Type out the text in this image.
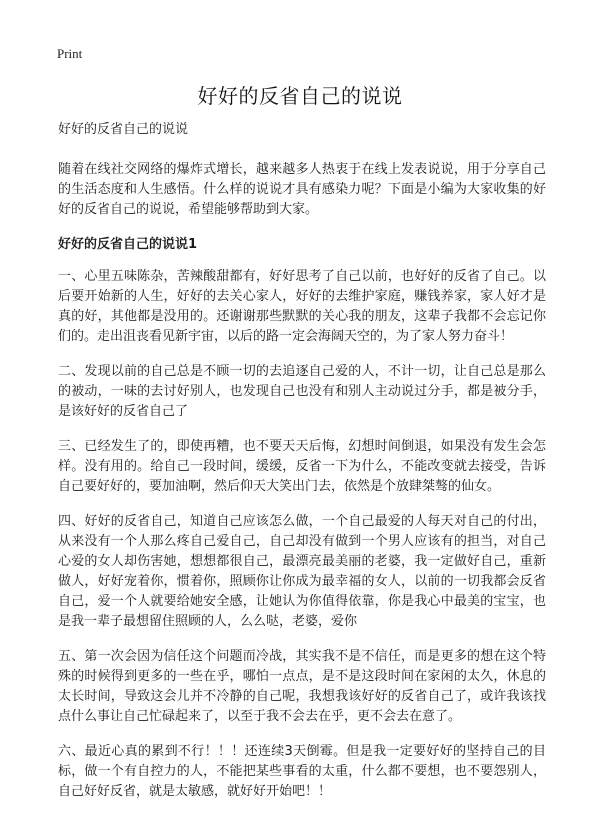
Print
好好的反省自己的说说
好好的反省自己的说说

随着在线社交网络的爆炸式增长，越来越多人热衷于在线上发表说说，用于分享自己的生活态度和人生感悟。什么样的说说才具有感染力呢？下面是小编为大家收集的好好的反省自己的说说，希望能够帮助到大家。

好好的反省自己的说说1

一、心里五味陈杂，苦辣酸甜都有，好好思考了自己以前，也好好的反省了自己。以后要开始新的人生，好好的去关心家人，好好的去维护家庭，赚钱养家，家人好才是真的好，其他都是没用的。还谢谢那些默默的关心我的朋友，这辈子我都不会忘记你们的。走出沮丧看见新宇宙，以后的路一定会海阔天空的，为了家人努力奋斗！

二、发现以前的自己总是不顾一切的去追逐自己爱的人，不计一切，让自己总是那么的被动，一味的去讨好别人，也发现自己也没有和别人主动说过分手，都是被分手，是该好好的反省自己了

三、已经发生了的，即使再糟，也不要天天后悔，幻想时间倒退，如果没有发生会怎样。没有用的。给自己一段时间，缓缓，反省一下为什么，不能改变就去接受，告诉自己要好好的，要加油啊，然后仰天大笑出门去，依然是个放肆桀骜的仙女。

四、好好的反省自己，知道自己应该怎么做，一个自己最爱的人每天对自己的付出，从来没有一个人那么疼自己爱自己，自己却没有做到一个男人应该有的担当，对自己心爱的女人却伤害她，想想都很自己，最漂亮最美丽的老婆，我一定做好自己，重新做人，好好宠着你，惯着你，照顾你让你成为最幸福的女人，以前的一切我都会反省自己，爱一个人就要给她安全感，让她认为你值得依靠，你是我心中最美的宝宝，也是我一辈子最想留住照顾的人，么么哒，老婆，爱你

五、第一次会因为信任这个问题而冷战，其实我不是不信任，而是更多的想在这个特殊的时候得到更多的一些在乎，哪怕一点点，是不是这段时间在家闲的太久，休息的太长时间，导致这会儿并不冷静的自己呢，我想我该好好的反省自己了，或许我该找点什么事让自己忙碌起来了，以至于我不会去在乎，更不会去在意了。

六、最近心真的累到不行！！！还连续3天倒霉。但是我一定要好好的坚持自己的目标，做一个有自控力的人，不能把某些事看的太重，什么都不要想，也不要怨别人，自己好好反省，就是太敏感，就好好开始吧！！
